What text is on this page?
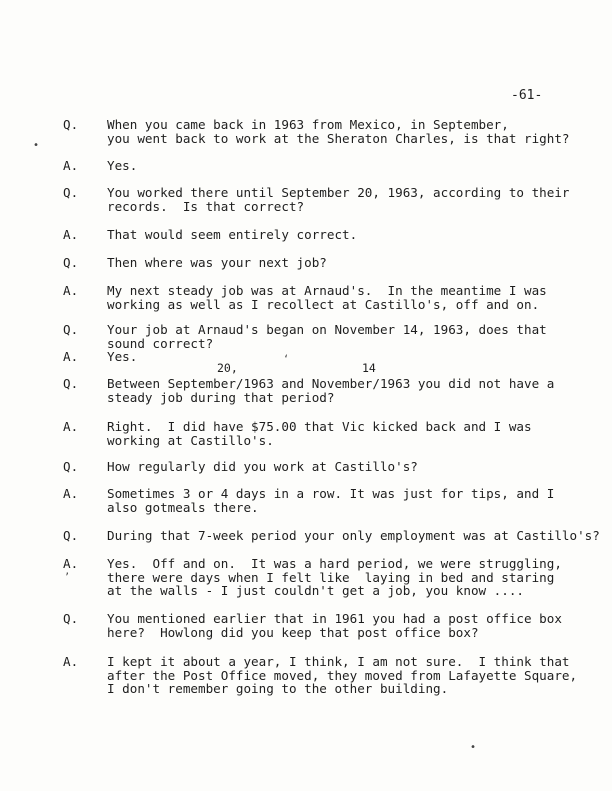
-61-
Q. When you came back in 1963 from Mexico, in September,
you went back to work at the Sheraton Charles, is that right?
A. Yes.
Q. You worked there until September 20, 1963, according to their
records.  Is that correct?
A. That would seem entirely correct.
Q. Then where was your next job?
A. My next steady job was at Arnaud's.  In the meantime I was
working as well as I recollect at Castillo's, off and on.
Q. Your job at Arnaud's began on November 14, 1963, does that
sound correct?
A. Yes.
Q. Between September/1963 and November/1963 you did not have a
steady job during that period?
A. Right.  I did have $75.00 that Vic kicked back and I was
working at Castillo's.
Q. How regularly did you work at Castillo's?
A. Sometimes 3 or 4 days in a row. It was just for tips, and I
also gotmeals there.
Q. During that 7-week period your only employment was at Castillo's?
A. Yes.  Off and on.  It was a hard period, we were struggling,
there were days when I felt like  laying in bed and staring
at the walls - I just couldn't get a job, you know ....
Q. You mentioned earlier that in 1961 you had a post office box
here?  Howlong did you keep that post office box?
A. I kept it about a year, I think, I am not sure.  I think that
after the Post Office moved, they moved from Lafayette Square,
I don't remember going to the other building.
20,	14
•
‘
’
•
